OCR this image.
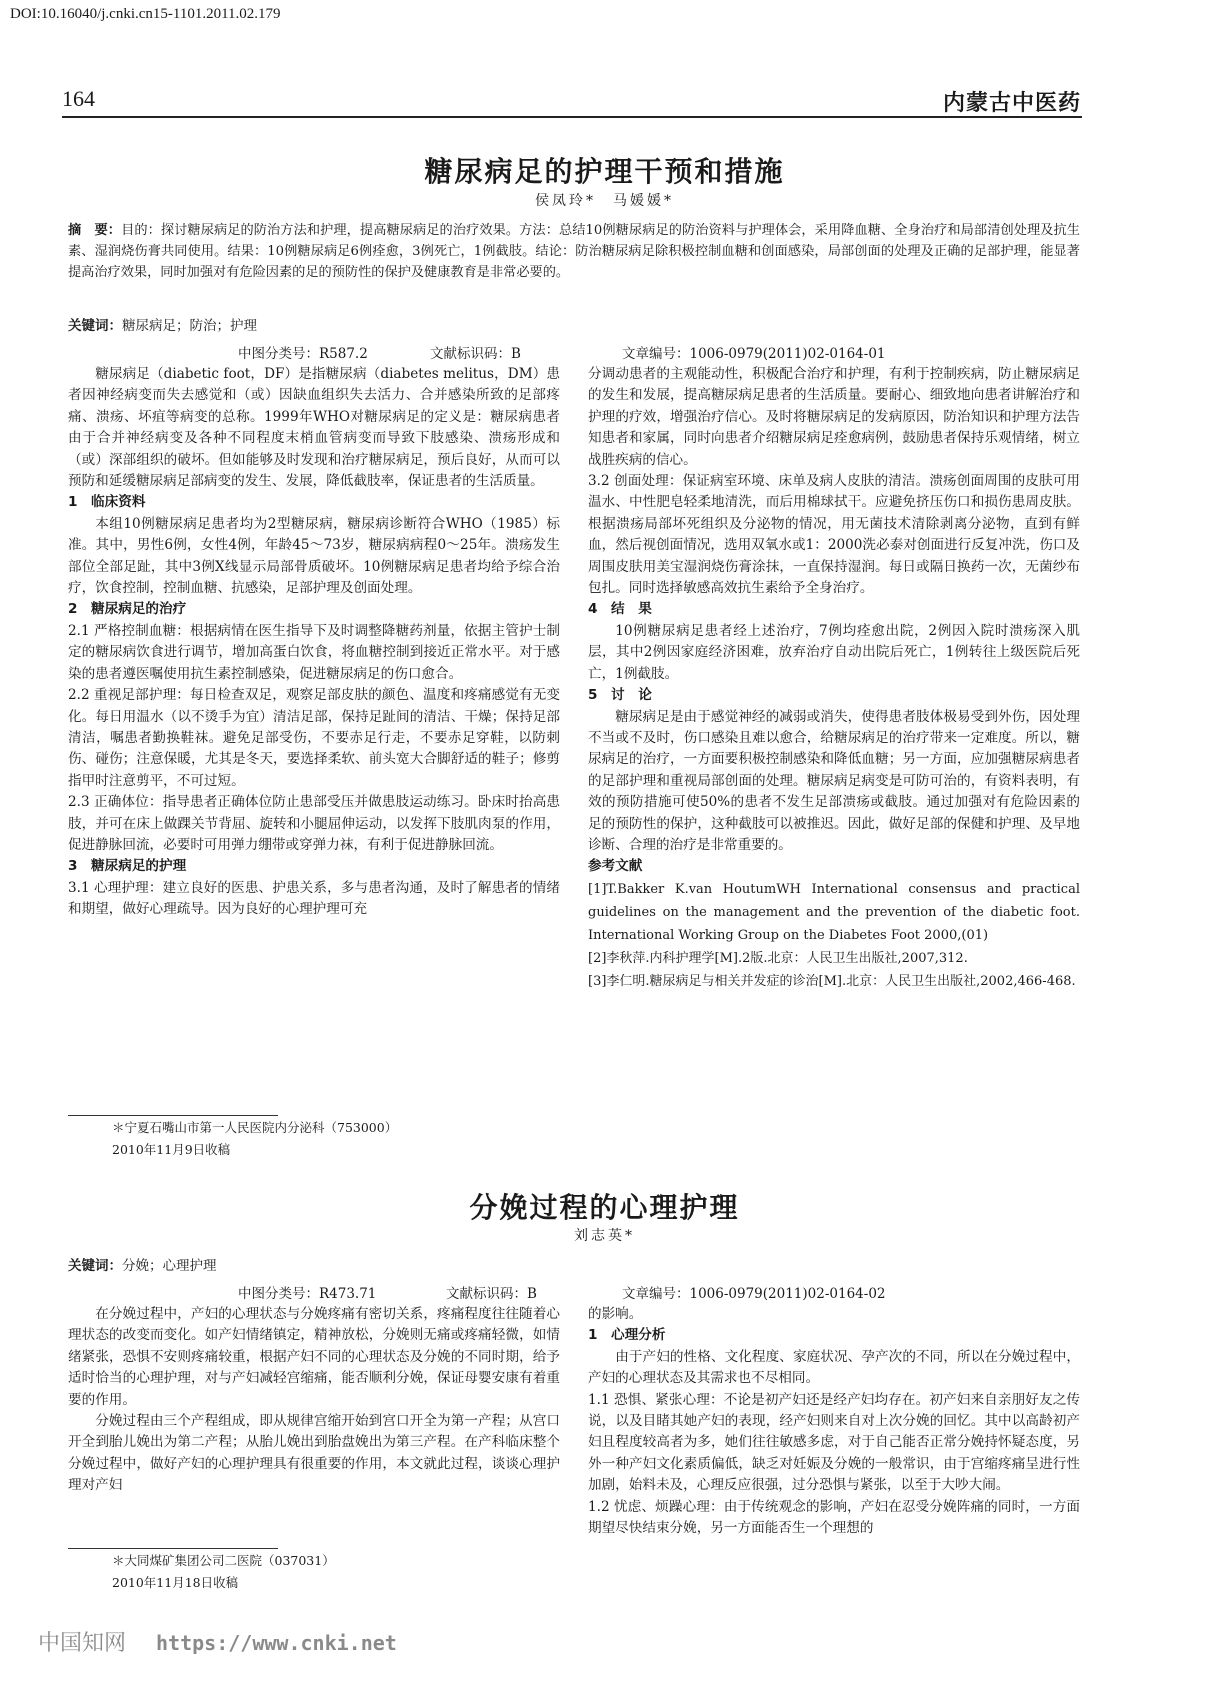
DOI:10.16040/j.cnki.cn15-1101.2011.02.179
164	内蒙古中医药
糖尿病足的护理干预和措施
侯凤玲*　马媛媛*
摘　要：目的：探讨糖尿病足的防治方法和护理，提高糖尿病足的治疗效果。方法：总结10例糖尿病足的防治资料与护理体会，采用降血糖、全身治疗和局部清创处理及抗生素、湿润烧伤膏共同使用。结果：10例糖尿病足6例痊愈，3例死亡，1例截肢。结论：防治糖尿病足除积极控制血糖和创面感染，局部创面的处理及正确的足部护理，能显著提高治疗效果，同时加强对有危险因素的足的预防性的保护及健康教育是非常必要的。
关键词：糖尿病足；防治；护理
中图分类号：R587.2	文献标识码：B	文章编号：1006-0979(2011)02-0164-01

糖尿病足（diabetic foot，DF）是指糖尿病（diabetes melitus，DM）患者因神经病变而失去感觉和（或）因缺血组织失去活力、合并感染所致的足部疼痛、溃疡、坏疽等病变的总称。1999年WHO对糖尿病足的定义是：糖尿病患者由于合并神经病变及各种不同程度末梢血管病变而导致下肢感染、溃疡形成和（或）深部组织的破坏。但如能够及时发现和治疗糖尿病足，预后良好，从而可以预防和延缓糖尿病足部病变的发生、发展，降低截肢率，保证患者的生活质量。

1　临床资料

本组10例糖尿病足患者均为2型糖尿病，糖尿病诊断符合WHO（1985）标准。其中，男性6例，女性4例，年龄45～73岁，糖尿病病程0～25年。溃疡发生部位全部足趾，其中3例X线显示局部骨质破坏。10例糖尿病足患者均给予综合治疗，饮食控制，控制血糖、抗感染，足部护理及创面处理。

2　糖尿病足的治疗

2.1 严格控制血糖：根据病情在医生指导下及时调整降糖药剂量，依据主管护士制定的糖尿病饮食进行调节，增加高蛋白饮食，将血糖控制到接近正常水平。对于感染的患者遵医嘱使用抗生素控制感染，促进糖尿病足的伤口愈合。

2.2 重视足部护理：每日检查双足，观察足部皮肤的颜色、温度和疼痛感觉有无变化。每日用温水（以不烫手为宜）清洁足部，保持足趾间的清洁、干燥；保持足部清洁，嘱患者勤换鞋袜。避免足部受伤，不要赤足行走，不要赤足穿鞋，以防刺伤、碰伤；注意保暖，尤其是冬天，要选择柔软、前头宽大合脚舒适的鞋子；修剪指甲时注意剪平，不可过短。

2.3 正确体位：指导患者正确体位防止患部受压并做患肢运动练习。卧床时抬高患肢，并可在床上做踝关节背屈、旋转和小腿屈伸运动，以发挥下肢肌肉泵的作用，促进静脉回流，必要时可用弹力绷带或穿弹力袜，有利于促进静脉回流。

3　糖尿病足的护理

3.1 心理护理：建立良好的医患、护患关系，多与患者沟通，及时了解患者的情绪和期望，做好心理疏导。因为良好的心理护理可充

分调动患者的主观能动性，积极配合治疗和护理，有利于控制疾病，防止糖尿病足的发生和发展，提高糖尿病足患者的生活质量。要耐心、细致地向患者讲解治疗和护理的疗效，增强治疗信心。及时将糖尿病足的发病原因，防治知识和护理方法告知患者和家属，同时向患者介绍糖尿病足痊愈病例，鼓励患者保持乐观情绪，树立战胜疾病的信心。

3.2 创面处理：保证病室环境、床单及病人皮肤的清洁。溃疡创面周围的皮肤可用温水、中性肥皂轻柔地清洗，而后用棉球拭干。应避免挤压伤口和损伤患周皮肤。根据溃疡局部坏死组织及分泌物的情况，用无菌技术清除剥离分泌物，直到有鲜血，然后视创面情况，选用双氧水或1：2000洗必泰对创面进行反复冲洗，伤口及周围皮肤用美宝湿润烧伤膏涂抹，一直保持湿润。每日或隔日换药一次，无菌纱布包扎。同时选择敏感高效抗生素给予全身治疗。

4　结　果

10例糖尿病足患者经上述治疗，7例均痊愈出院，2例因入院时溃疡深入肌层，其中2例因家庭经济困难，放弃治疗自动出院后死亡，1例转往上级医院后死亡，1例截肢。

5　讨　论

糖尿病足是由于感觉神经的减弱或消失，使得患者肢体极易受到外伤，因处理不当或不及时，伤口感染且难以愈合，给糖尿病足的治疗带来一定难度。所以，糖尿病足的治疗，一方面要积极控制感染和降低血糖；另一方面，应加强糖尿病患者的足部护理和重视局部创面的处理。糖尿病足病变是可防可治的，有资料表明，有效的预防措施可使50%的患者不发生足部溃疡或截肢。通过加强对有危险因素的足的预防性的保护，这种截肢可以被推迟。因此，做好足部的保健和护理、及早地诊断、合理的治疗是非常重要的。

参考文献

[1]T.Bakker K.van HoutumWH International consensus and practical guidelines on the management and the prevention of the diabetic foot. International Working Group on the Diabetes Foot 2000,(01)

[2]李秋萍.内科护理学[M].2版.北京：人民卫生出版社,2007,312.

[3]李仁明.糖尿病足与相关并发症的诊治[M].北京：人民卫生出版社,2002,466-468.

＊宁夏石嘴山市第一人民医院内分泌科（753000）
2010年11月9日收稿
分娩过程的心理护理
刘志英*
关键词：分娩；心理护理
中图分类号：R473.71	文献标识码：B	文章编号：1006-0979(2011)02-0164-02

在分娩过程中，产妇的心理状态与分娩疼痛有密切关系，疼痛程度往往随着心理状态的改变而变化。如产妇情绪镇定，精神放松，分娩则无痛或疼痛轻微，如情绪紧张，恐惧不安则疼痛较重，根据产妇不同的心理状态及分娩的不同时期，给予适时恰当的心理护理，对与产妇减轻宫缩痛，能否顺利分娩，保证母婴安康有着重要的作用。

分娩过程由三个产程组成，即从规律宫缩开始到宫口开全为第一产程；从宫口开全到胎儿娩出为第二产程；从胎儿娩出到胎盘娩出为第三产程。在产科临床整个分娩过程中，做好产妇的心理护理具有很重要的作用，本文就此过程，谈谈心理护理对产妇

的影响。

1　心理分析

由于产妇的性格、文化程度、家庭状况、孕产次的不同，所以在分娩过程中，产妇的心理状态及其需求也不尽相同。

1.1 恐惧、紧张心理：不论是初产妇还是经产妇均存在。初产妇来自亲朋好友之传说，以及目睹其她产妇的表现，经产妇则来自对上次分娩的回忆。其中以高龄初产妇且程度较高者为多，她们往往敏感多虑，对于自己能否正常分娩持怀疑态度，另外一种产妇文化素质偏低，缺乏对妊娠及分娩的一般常识，由于宫缩疼痛呈进行性加剧，始料未及，心理反应很强，过分恐惧与紧张，以至于大吵大闹。

1.2 忧虑、烦躁心理：由于传统观念的影响，产妇在忍受分娩阵痛的同时，一方面期望尽快结束分娩，另一方面能否生一个理想的

＊大同煤矿集团公司二医院（037031）
2010年11月18日收稿
中国知网 https://www.cnki.net
